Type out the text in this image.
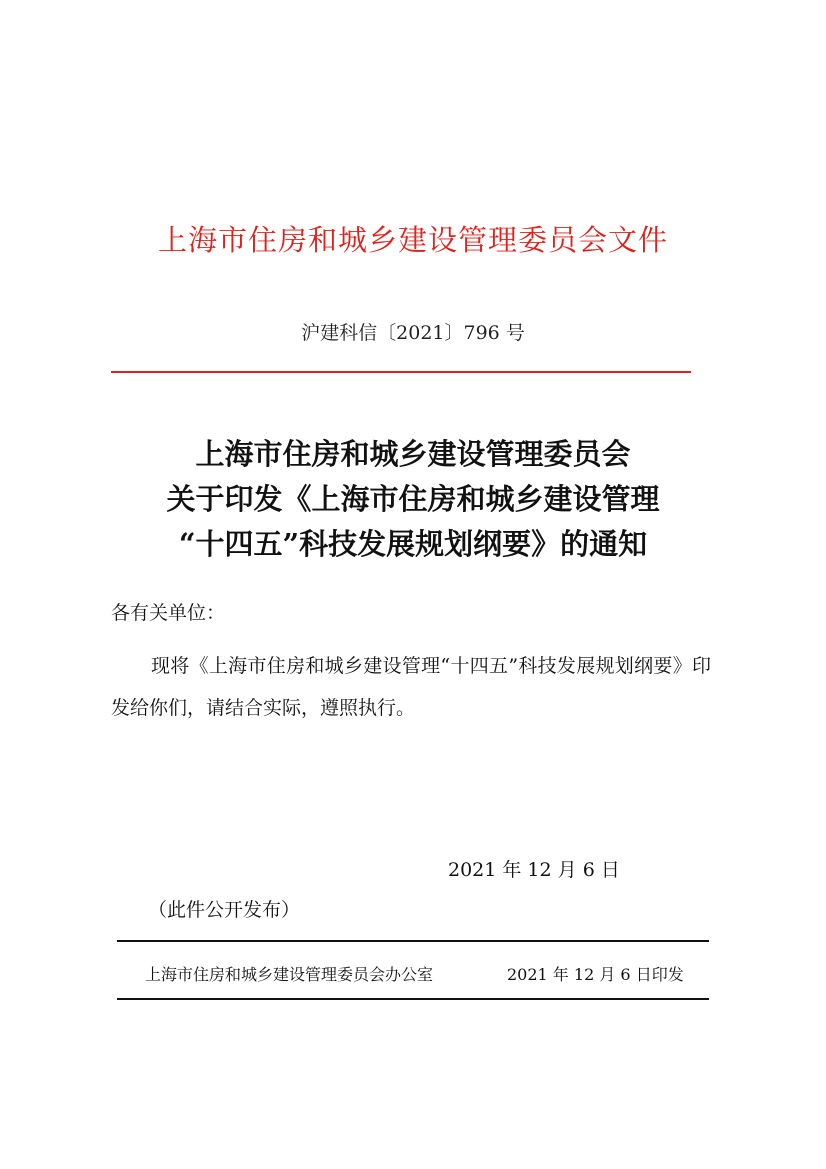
上海市住房和城乡建设管理委员会文件
沪建科信〔2021〕796 号
上海市住房和城乡建设管理委员会
关于印发《上海市住房和城乡建设管理
“十四五”科技发展规划纲要》的通知
各有关单位：
现将《上海市住房和城乡建设管理“十四五”科技发展规划纲要》印发给你们，请结合实际，遵照执行。
2021 年 12 月 6 日
（此件公开发布）
上海市住房和城乡建设管理委员会办公室	2021 年 12 月 6 日印发
